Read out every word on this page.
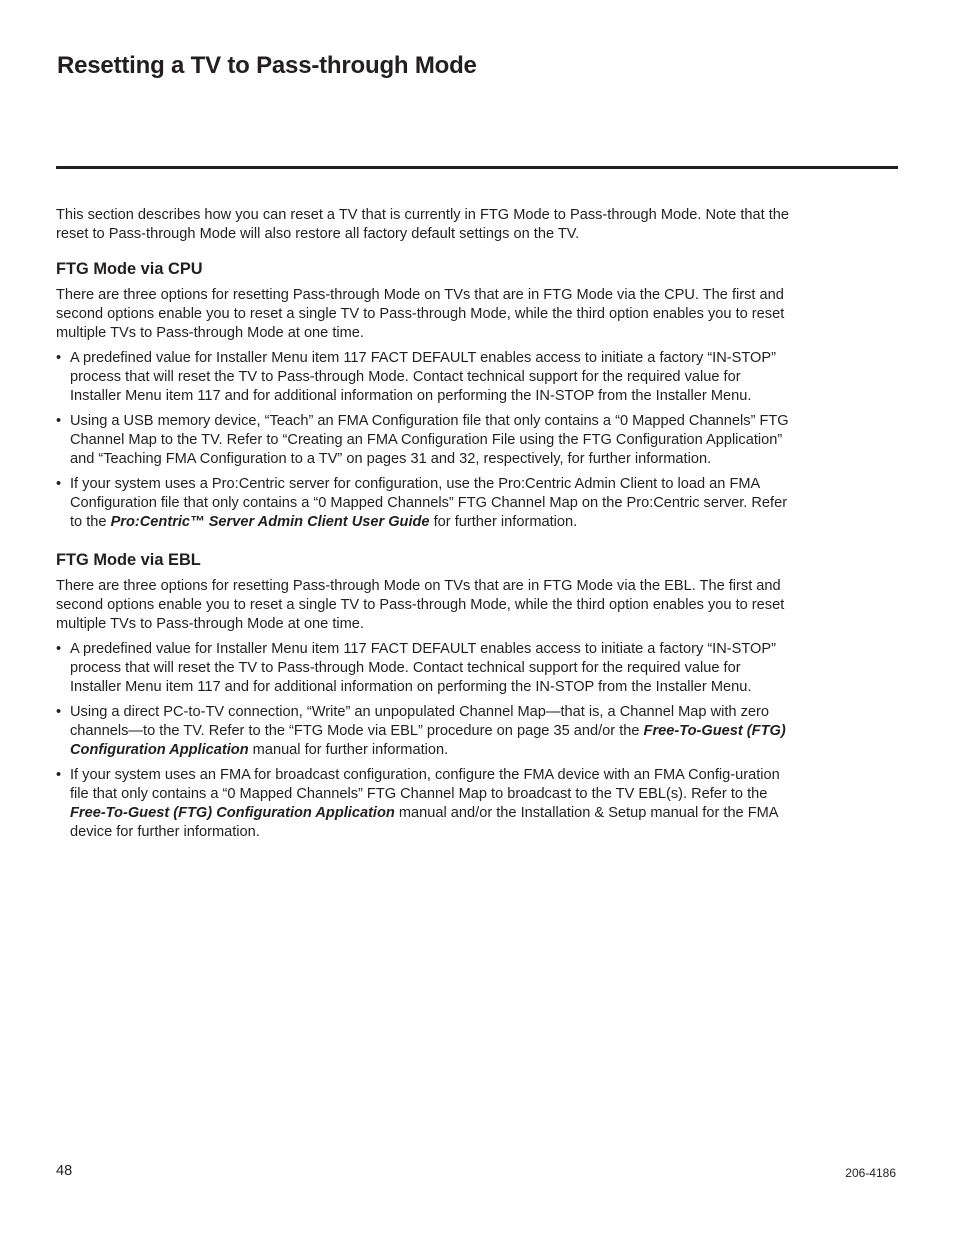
Resetting a TV to Pass-through Mode

This section describes how you can reset a TV that is currently in FTG Mode to Pass-through Mode. Note that the reset to Pass-through Mode will also restore all factory default settings on the TV.

FTG Mode via CPU

There are three options for resetting Pass-through Mode on TVs that are in FTG Mode via the CPU. The first and second options enable you to reset a single TV to Pass-through Mode, while the third option enables you to reset multiple TVs to Pass-through Mode at one time.

• A predefined value for Installer Menu item 117 FACT DEFAULT enables access to initiate a factory “IN-STOP” process that will reset the TV to Pass-through Mode. Contact technical support for the required value for Installer Menu item 117 and for additional information on performing the IN-STOP from the Installer Menu.
• Using a USB memory device, “Teach” an FMA Configuration file that only contains a “0 Mapped Channels” FTG Channel Map to the TV. Refer to “Creating an FMA Configuration File using the FTG Configuration Application” and “Teaching FMA Configuration to a TV” on pages 31 and 32, respectively, for further information.
• If your system uses a Pro:Centric server for configuration, use the Pro:Centric Admin Client to load an FMA Configuration file that only contains a “0 Mapped Channels” FTG Channel Map on the Pro:Centric server. Refer to the Pro:Centric™ Server Admin Client User Guide for further information.
FTG Mode via EBL

There are three options for resetting Pass-through Mode on TVs that are in FTG Mode via the EBL. The first and second options enable you to reset a single TV to Pass-through Mode, while the third option enables you to reset multiple TVs to Pass-through Mode at one time.

• A predefined value for Installer Menu item 117 FACT DEFAULT enables access to initiate a factory “IN-STOP” process that will reset the TV to Pass-through Mode. Contact technical support for the required value for Installer Menu item 117 and for additional information on performing the IN-STOP from the Installer Menu.
• Using a direct PC-to-TV connection, “Write” an unpopulated Channel Map—that is, a Channel Map with zero channels—to the TV. Refer to the “FTG Mode via EBL” procedure on page 35 and/or the Free-To-Guest (FTG) Configuration Application manual for further information.
• If your system uses an FMA for broadcast configuration, configure the FMA device with an FMA Config-uration file that only contains a “0 Mapped Channels” FTG Channel Map to broadcast to the TV EBL(s). Refer to the Free-To-Guest (FTG) Configuration Application manual and/or the Installation & Setup manual for the FMA device for further information.
48	206-4186
